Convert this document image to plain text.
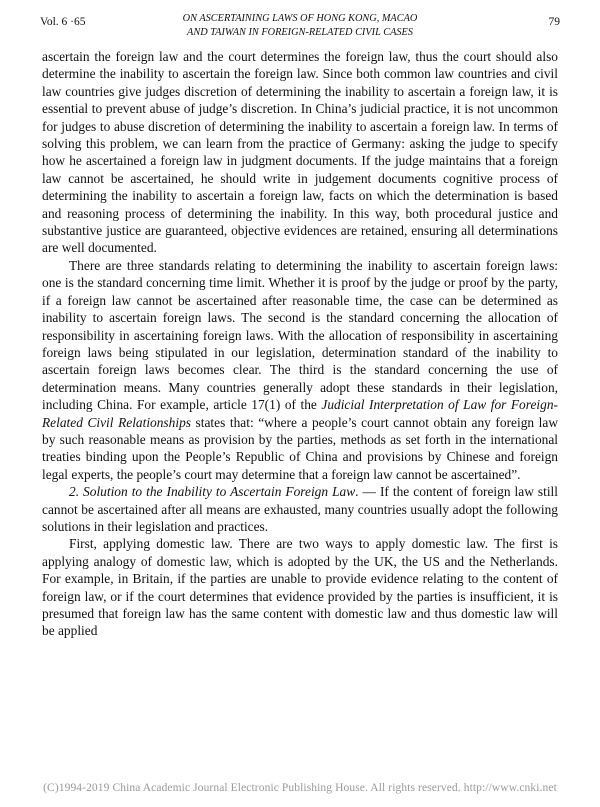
Vol. 6 ·65	ON ASCERTAINING LAWS OF HONG KONG, MACAO
AND TAIWAN IN FOREIGN-RELATED CIVIL CASES
79

ascertain the foreign law and the court determines the foreign law, thus the court should also determine the inability to ascertain the foreign law. Since both common law countries and civil law countries give judges discretion of determining the inability to ascertain a foreign law, it is essential to prevent abuse of judge’s discretion. In China’s judicial practice, it is not uncommon for judges to abuse discretion of determining the inability to ascertain a foreign law. In terms of solving this problem, we can learn from the practice of Germany: asking the judge to specify how he ascertained a foreign law in judgment documents. If the judge maintains that a foreign law cannot be ascertained, he should write in judgement documents cognitive process of determining the inability to ascertain a foreign law, facts on which the determination is based and reasoning process of determining the inability. In this way, both procedural justice and substantive justice are guaranteed, objective evidences are retained, ensuring all determinations are well documented.

There are three standards relating to determining the inability to ascertain foreign laws: one is the standard concerning time limit. Whether it is proof by the judge or proof by the party, if a foreign law cannot be ascertained after reasonable time, the case can be determined as inability to ascertain foreign laws. The second is the standard concerning the allocation of responsibility in ascertaining foreign laws. With the allocation of responsibility in ascertaining foreign laws being stipulated in our legislation, determination standard of the inability to ascertain foreign laws becomes clear. The third is the standard concerning the use of determination means. Many countries generally adopt these standards in their legislation, including China. For example, article 17(1) of the Judicial Interpretation of Law for Foreign-Related Civil Relationships states that: “where a people’s court cannot obtain any foreign law by such reasonable means as provision by the parties, methods as set forth in the international treaties binding upon the People’s Republic of China and provisions by Chinese and foreign legal experts, the people’s court may determine that a foreign law cannot be ascertained”.

2. Solution to the Inability to Ascertain Foreign Law. — If the content of foreign law still cannot be ascertained after all means are exhausted, many countries usually adopt the following solutions in their legislation and practices.

First, applying domestic law. There are two ways to apply domestic law. The first is applying analogy of domestic law, which is adopted by the UK, the US and the Netherlands. For example, in Britain, if the parties are unable to provide evidence relating to the content of foreign law, or if the court determines that evidence provided by the parties is insufficient, it is presumed that foreign law has the same content with domestic law and thus domestic law will be applied

(C)1994-2019 China Academic Journal Electronic Publishing House. All rights reserved. http://www.cnki.net
